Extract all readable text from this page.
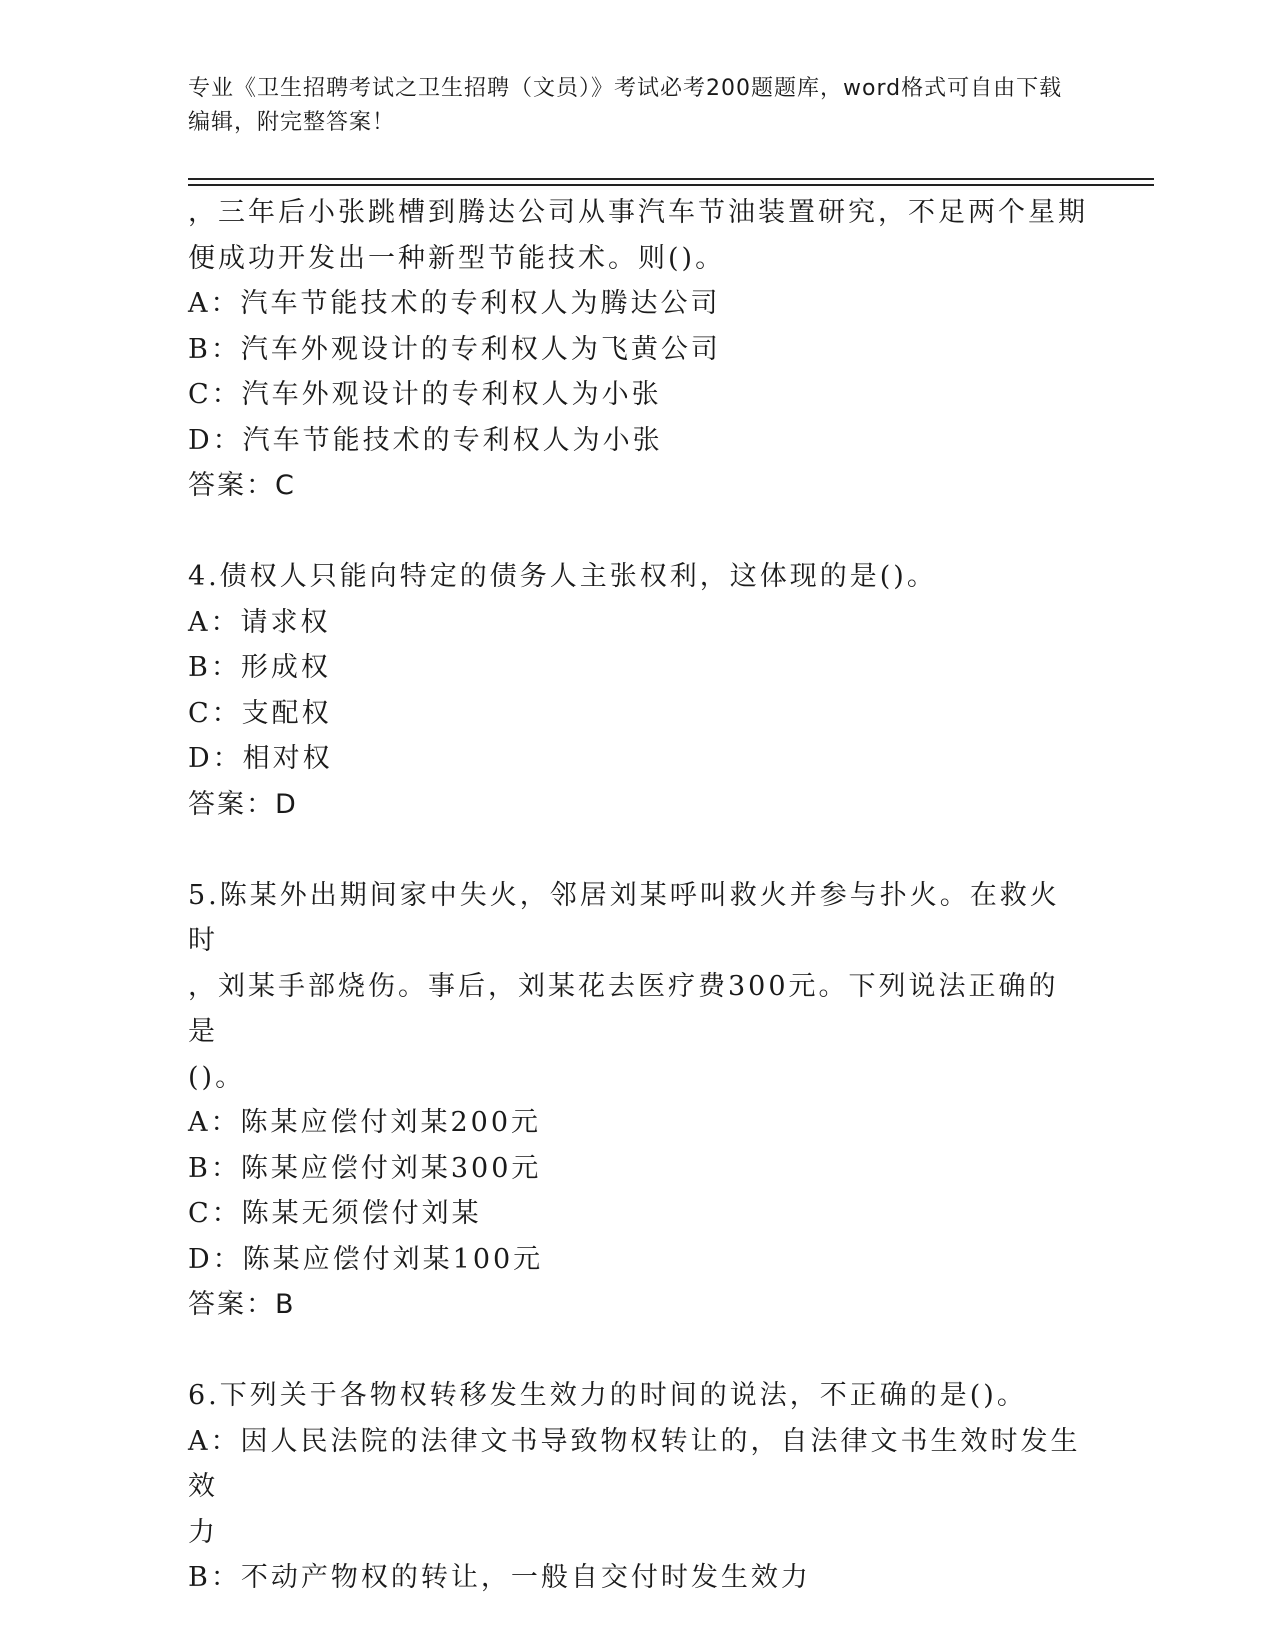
专业《卫生招聘考试之卫生招聘（文员）》考试必考200题题库，word格式可自由下载编辑，附完整答案！
，三年后小张跳槽到腾达公司从事汽车节油装置研究，不足两个星期
便成功开发出一种新型节能技术。则()。
A：汽车节能技术的专利权人为腾达公司
B：汽车外观设计的专利权人为飞黄公司
C：汽车外观设计的专利权人为小张
D：汽车节能技术的专利权人为小张
答案：C
4.债权人只能向特定的债务人主张权利，这体现的是()。
A：请求权
B：形成权
C：支配权
D：相对权
答案：D
5.陈某外出期间家中失火，邻居刘某呼叫救火并参与扑火。在救火时
，刘某手部烧伤。事后，刘某花去医疗费300元。下列说法正确的是
()。
A：陈某应偿付刘某200元
B：陈某应偿付刘某300元
C：陈某无须偿付刘某
D：陈某应偿付刘某100元
答案：B
6.下列关于各物权转移发生效力的时间的说法，不正确的是()。
A：因人民法院的法律文书导致物权转让的，自法律文书生效时发生效
力
B：不动产物权的转让，一般自交付时发生效力
